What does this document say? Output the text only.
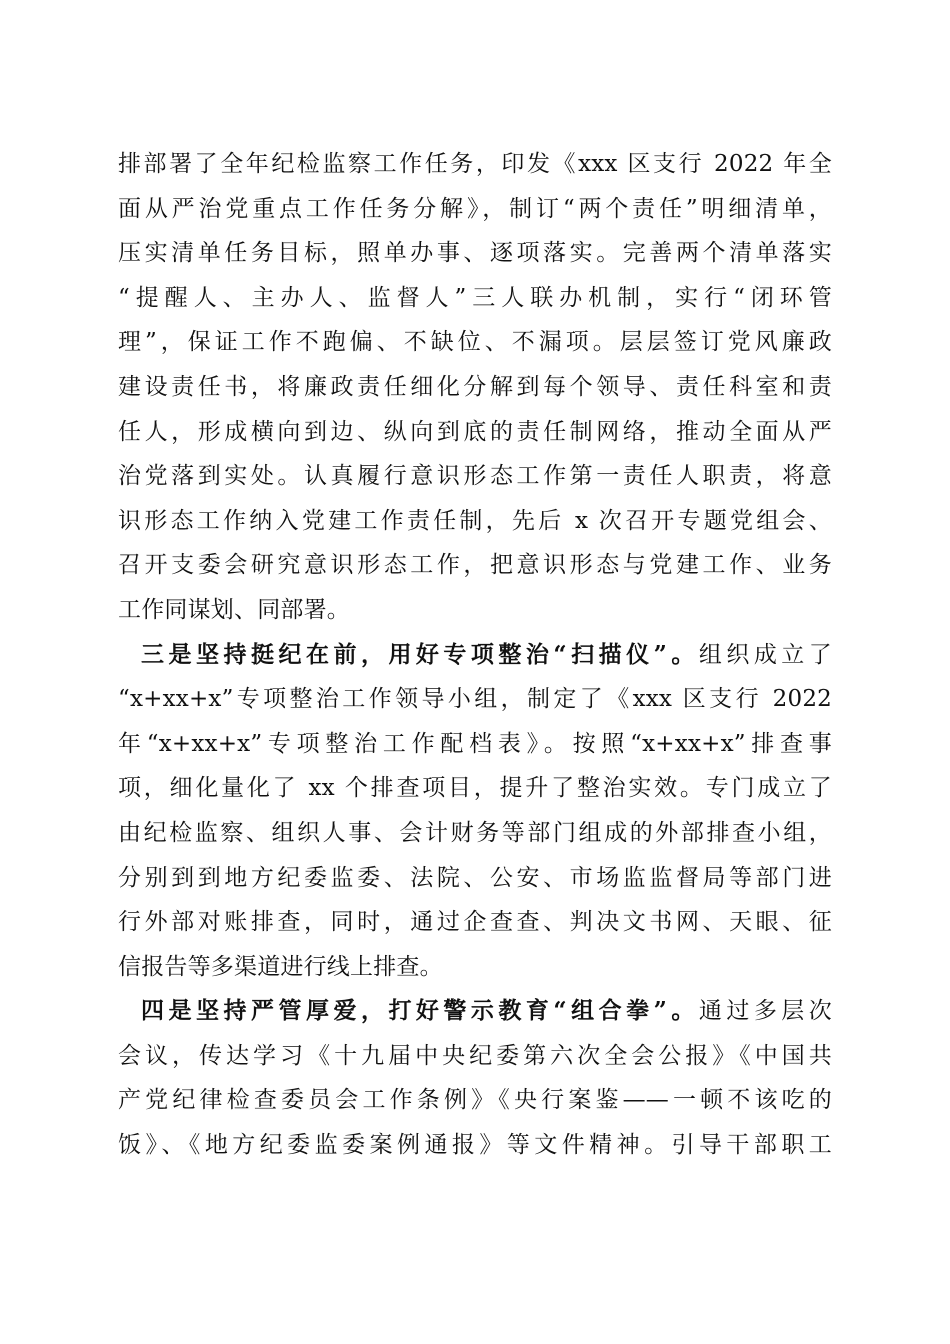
排部署了全年纪检监察工作任务，印发《xxx 区支行 2022 年全
面从严治党重点工作任务分解》，制订“两个责任”明细清单，
压实清单任务目标，照单办事、逐项落实。完善两个清单落实
“提醒人、主办人、监督人”三人联办机制，实行“闭环管
理”，保证工作不跑偏、不缺位、不漏项。层层签订党风廉政
建设责任书，将廉政责任细化分解到每个领导、责任科室和责
任人，形成横向到边、纵向到底的责任制网络，推动全面从严
治党落到实处。认真履行意识形态工作第一责任人职责，将意
识形态工作纳入党建工作责任制，先后 x 次召开专题党组会、
召开支委会研究意识形态工作，把意识形态与党建工作、业务
工作同谋划、同部署。
三是坚持挺纪在前，用好专项整治“扫描仪”。组织成立了
“x+xx+x”专项整治工作领导小组，制定了《xxx 区支行 2022
年“x+xx+x”专项整治工作配档表》。按照“x+xx+x”排查事
项，细化量化了 xx 个排查项目，提升了整治实效。专门成立了
由纪检监察、组织人事、会计财务等部门组成的外部排查小组，
分别到到地方纪委监委、法院、公安、市场监监督局等部门进
行外部对账排查，同时，通过企查查、判决文书网、天眼、征
信报告等多渠道进行线上排查。
四是坚持严管厚爱，打好警示教育“组合拳”。通过多层次
会议，传达学习《十九届中央纪委第六次全会公报》《中国共
产党纪律检查委员会工作条例》《央行案鉴——一顿不该吃的
饭》、《地方纪委监委案例通报》等文件精神。引导干部职工
